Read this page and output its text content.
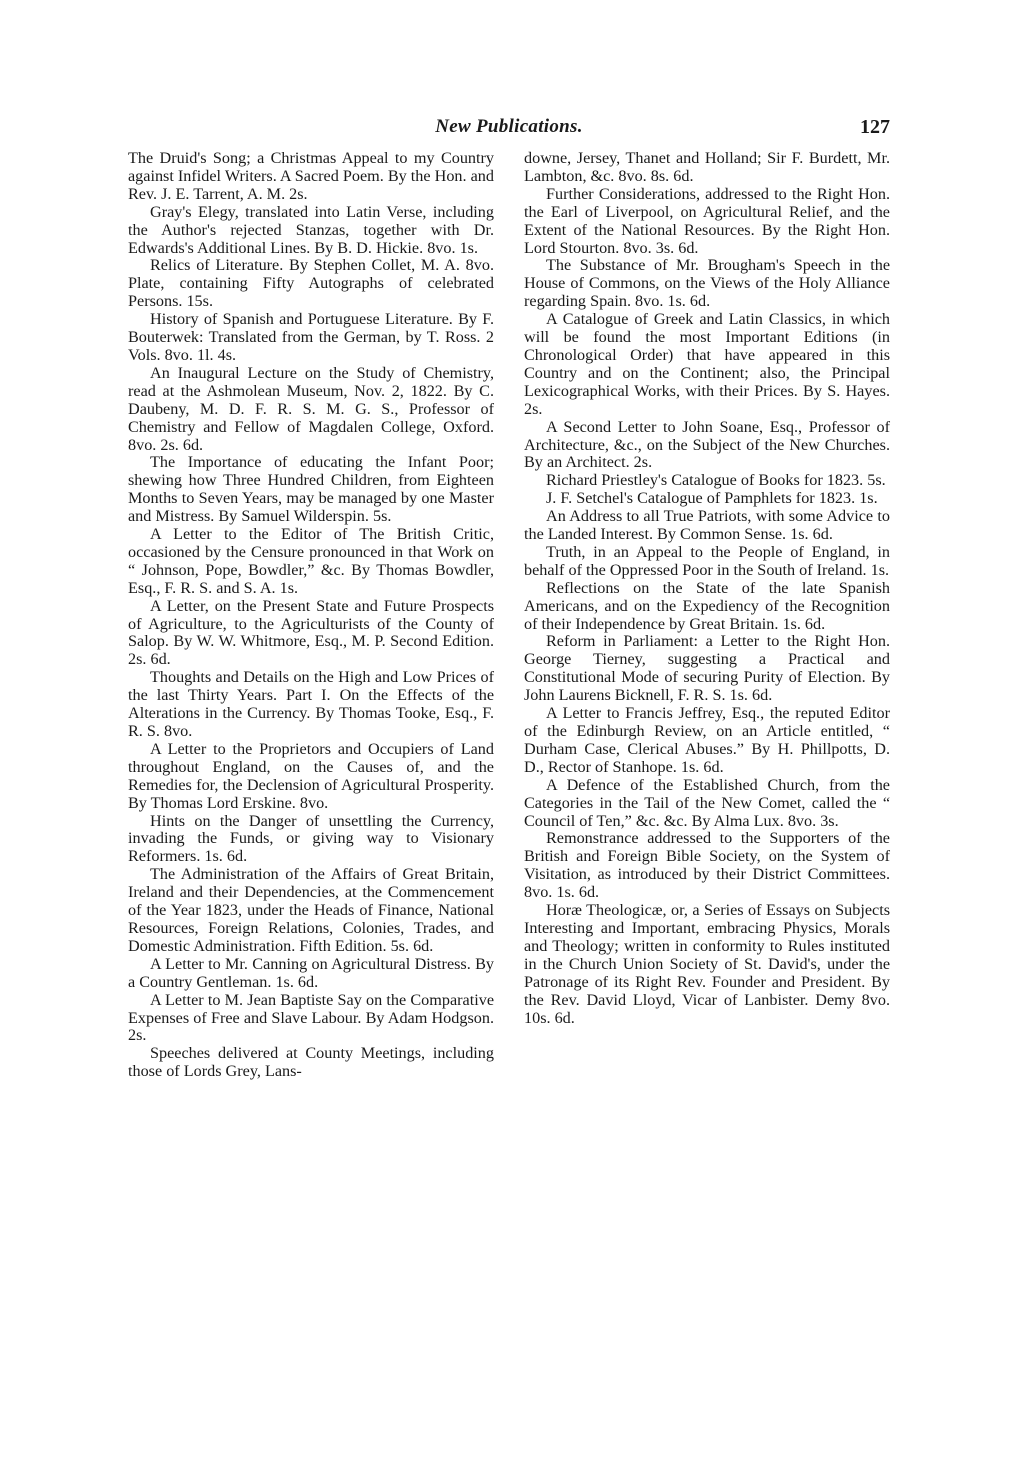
New Publications.	127

The Druid's Song; a Christmas Appeal to my Country against Infidel Writers. A Sacred Poem. By the Hon. and Rev. J. E. Tarrent, A. M. 2s.

Gray's Elegy, translated into Latin Verse, including the Author's rejected Stanzas, together with Dr. Edwards's Additional Lines. By B. D. Hickie. 8vo. 1s.

Relics of Literature. By Stephen Collet, M. A. 8vo. Plate, containing Fifty Autographs of celebrated Persons. 15s.

History of Spanish and Portuguese Literature. By F. Bouterwek: Translated from the German, by T. Ross. 2 Vols. 8vo. 1l. 4s.

An Inaugural Lecture on the Study of Chemistry, read at the Ashmolean Museum, Nov. 2, 1822. By C. Daubeny, M. D. F. R. S. M. G. S., Professor of Chemistry and Fellow of Magdalen College, Oxford. 8vo. 2s. 6d.

The Importance of educating the Infant Poor; shewing how Three Hundred Children, from Eighteen Months to Seven Years, may be managed by one Master and Mistress. By Samuel Wilderspin. 5s.

A Letter to the Editor of The British Critic, occasioned by the Censure pronounced in that Work on “ Johnson, Pope, Bowdler,” &c. By Thomas Bowdler, Esq., F. R. S. and S. A. 1s.

A Letter, on the Present State and Future Prospects of Agriculture, to the Agriculturists of the County of Salop. By W. W. Whitmore, Esq., M. P. Second Edition. 2s. 6d.

Thoughts and Details on the High and Low Prices of the last Thirty Years. Part I. On the Effects of the Alterations in the Currency. By Thomas Tooke, Esq., F. R. S. 8vo.

A Letter to the Proprietors and Occupiers of Land throughout England, on the Causes of, and the Remedies for, the Declension of Agricultural Prosperity. By Thomas Lord Erskine. 8vo.

Hints on the Danger of unsettling the Currency, invading the Funds, or giving way to Visionary Reformers. 1s. 6d.

The Administration of the Affairs of Great Britain, Ireland and their Dependencies, at the Commencement of the Year 1823, under the Heads of Finance, National Resources, Foreign Relations, Colonies, Trades, and Domestic Administration. Fifth Edition. 5s. 6d.

A Letter to Mr. Canning on Agricultural Distress. By a Country Gentleman. 1s. 6d.

A Letter to M. Jean Baptiste Say on the Comparative Expenses of Free and Slave Labour. By Adam Hodgson. 2s.

Speeches delivered at County Meetings, including those of Lords Grey, Lans-

downe, Jersey, Thanet and Holland; Sir F. Burdett, Mr. Lambton, &c. 8vo. 8s. 6d.

Further Considerations, addressed to the Right Hon. the Earl of Liverpool, on Agricultural Relief, and the Extent of the National Resources. By the Right Hon. Lord Stourton. 8vo. 3s. 6d.

The Substance of Mr. Brougham's Speech in the House of Commons, on the Views of the Holy Alliance regarding Spain. 8vo. 1s. 6d.

A Catalogue of Greek and Latin Classics, in which will be found the most Important Editions (in Chronological Order) that have appeared in this Country and on the Continent; also, the Principal Lexicographical Works, with their Prices. By S. Hayes. 2s.

A Second Letter to John Soane, Esq., Professor of Architecture, &c., on the Subject of the New Churches. By an Architect. 2s.

Richard Priestley's Catalogue of Books for 1823. 5s.

J. F. Setchel's Catalogue of Pamphlets for 1823. 1s.

An Address to all True Patriots, with some Advice to the Landed Interest. By Common Sense. 1s. 6d.

Truth, in an Appeal to the People of England, in behalf of the Oppressed Poor in the South of Ireland. 1s.

Reflections on the State of the late Spanish Americans, and on the Expediency of the Recognition of their Independence by Great Britain. 1s. 6d.

Reform in Parliament: a Letter to the Right Hon. George Tierney, suggesting a Practical and Constitutional Mode of securing Purity of Election. By John Laurens Bicknell, F. R. S. 1s. 6d.

A Letter to Francis Jeffrey, Esq., the reputed Editor of the Edinburgh Review, on an Article entitled, “ Durham Case, Clerical Abuses.” By H. Phillpotts, D. D., Rector of Stanhope. 1s. 6d.

A Defence of the Established Church, from the Categories in the Tail of the New Comet, called the “ Council of Ten,” &c. &c. By Alma Lux. 8vo. 3s.

Remonstrance addressed to the Supporters of the British and Foreign Bible Society, on the System of Visitation, as introduced by their District Committees. 8vo. 1s. 6d.

Horæ Theologicæ, or, a Series of Essays on Subjects Interesting and Important, embracing Physics, Morals and Theology; written in conformity to Rules instituted in the Church Union Society of St. David's, under the Patronage of its Right Rev. Founder and President. By the Rev. David Lloyd, Vicar of Lanbister. Demy 8vo. 10s. 6d.
